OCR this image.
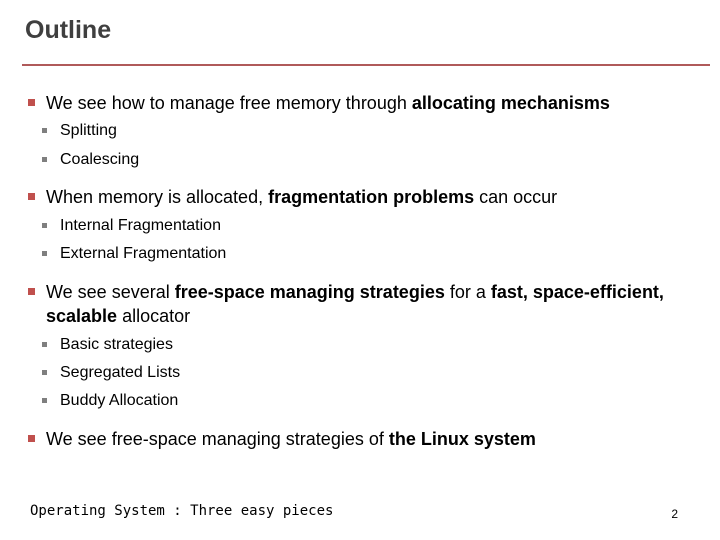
Outline
We see how to manage free memory through allocating mechanisms
Splitting
Coalescing
When memory is allocated, fragmentation problems can occur
Internal Fragmentation
External Fragmentation
We see several free-space managing strategies for a fast, space-efficient, scalable allocator
Basic strategies
Segregated Lists
Buddy Allocation
We see free-space managing strategies of the Linux system
Operating System : Three easy pieces	2
